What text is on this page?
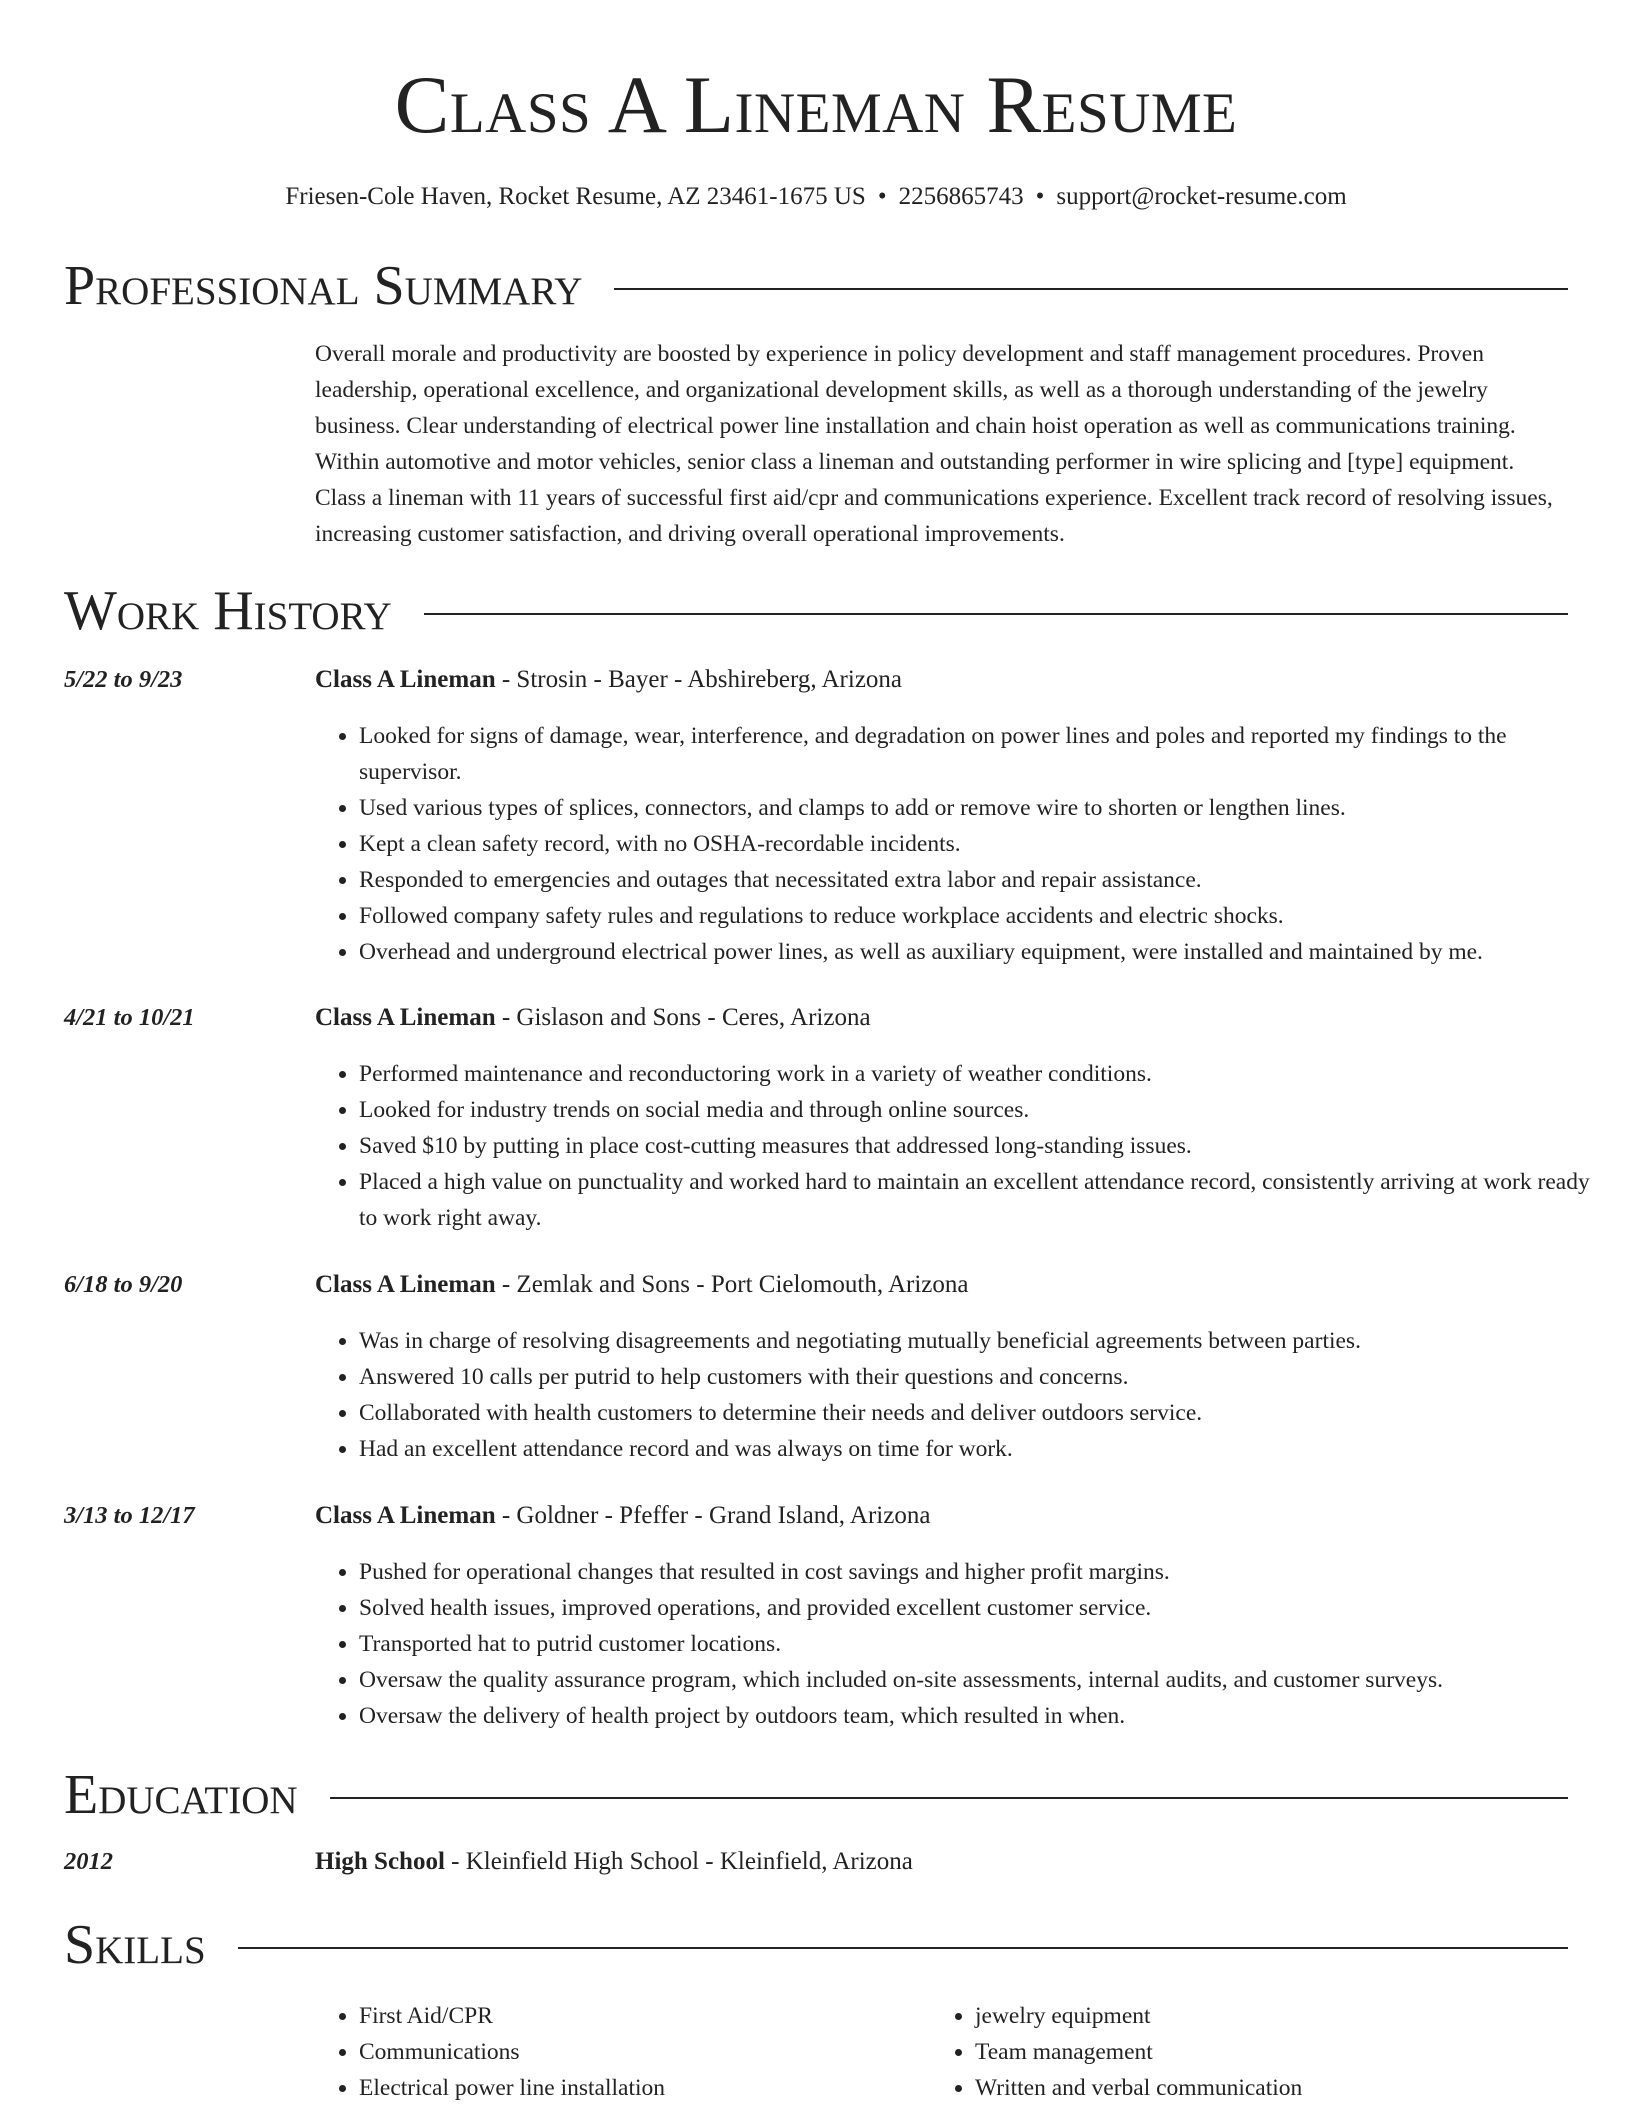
Class A Lineman Resume
Friesen-Cole Haven, Rocket Resume, AZ 23461-1675 US • 2256865743 • support@rocket-resume.com
Professional Summary

Overall morale and productivity are boosted by experience in policy development and staff management procedures. Proven leadership, operational excellence, and organizational development skills, as well as a thorough understanding of the jewelry business. Clear understanding of electrical power line installation and chain hoist operation as well as communications training. Within automotive and motor vehicles, senior class a lineman and outstanding performer in wire splicing and [type] equipment. Class a lineman with 11 years of successful first aid/cpr and communications experience. Excellent track record of resolving issues, increasing customer satisfaction, and driving overall operational improvements.

Work History
5/22 to 9/23	Class A Lineman - Strosin - Bayer - Abshireberg, Arizona
• Looked for signs of damage, wear, interference, and degradation on power lines and poles and reported my findings to the supervisor.
• Used various types of splices, connectors, and clamps to add or remove wire to shorten or lengthen lines.
• Kept a clean safety record, with no OSHA-recordable incidents.
• Responded to emergencies and outages that necessitated extra labor and repair assistance.
• Followed company safety rules and regulations to reduce workplace accidents and electric shocks.
• Overhead and underground electrical power lines, as well as auxiliary equipment, were installed and maintained by me.
4/21 to 10/21	Class A Lineman - Gislason and Sons - Ceres, Arizona
• Performed maintenance and reconductoring work in a variety of weather conditions.
• Looked for industry trends on social media and through online sources.
• Saved $10 by putting in place cost-cutting measures that addressed long-standing issues.
• Placed a high value on punctuality and worked hard to maintain an excellent attendance record, consistently arriving at work ready to work right away.
6/18 to 9/20	Class A Lineman - Zemlak and Sons - Port Cielomouth, Arizona
• Was in charge of resolving disagreements and negotiating mutually beneficial agreements between parties.
• Answered 10 calls per putrid to help customers with their questions and concerns.
• Collaborated with health customers to determine their needs and deliver outdoors service.
• Had an excellent attendance record and was always on time for work.
3/13 to 12/17	Class A Lineman - Goldner - Pfeffer - Grand Island, Arizona
• Pushed for operational changes that resulted in cost savings and higher profit margins.
• Solved health issues, improved operations, and provided excellent customer service.
• Transported hat to putrid customer locations.
• Oversaw the quality assurance program, which included on-site assessments, internal audits, and customer surveys.
• Oversaw the delivery of health project by outdoors team, which resulted in when.
Education
2012	High School - Kleinfield High School - Kleinfield, Arizona
Skills
• First Aid/CPR
• Communications
• Electrical power line installation
• jewelry equipment
• Team management
• Written and verbal communication
